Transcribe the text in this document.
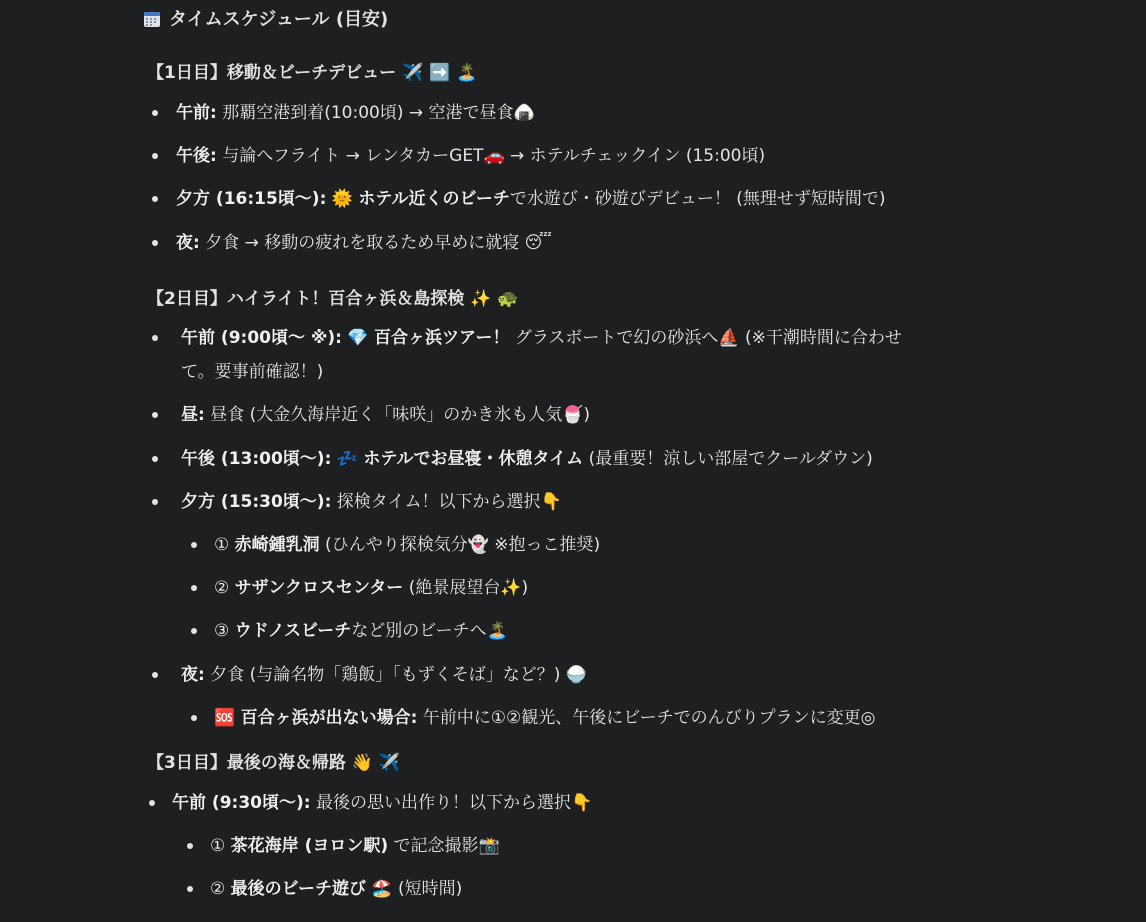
タイムスケジュール (目安)
【1日目】移動＆ビーチデビュー ✈️ ➡️ 🏝️
午前: 那覇空港到着(10:00頃) → 空港で昼食🍙
午後: 与論へフライト → レンタカーGET🚗 → ホテルチェックイン (15:00頃)
夕方 (16:15頃〜): 🌞 ホテル近くのビーチで水遊び・砂遊びデビュー！ (無理せず短時間で)
夜: 夕食 → 移動の疲れを取るため早めに就寝 😴
【2日目】ハイライト！百合ヶ浜＆島探検 ✨ 🐢
午前 (9:00頃〜 ※): 💎 百合ヶ浜ツアー！ グラスボートで幻の砂浜へ⛵ (※干潮時間に合わせ
て。要事前確認！)
昼: 昼食 (大金久海岸近く「味咲」のかき氷も人気🍧)
午後 (13:00頃〜): 💤 ホテルでお昼寝・休憩タイム (最重要！涼しい部屋でクールダウン)
夕方 (15:30頃〜): 探検タイム！以下から選択👇
① 赤崎鍾乳洞 (ひんやり探検気分👻 ※抱っこ推奨)
② サザンクロスセンター (絶景展望台✨)
③ ウドノスビーチなど別のビーチへ🏝️
夜: 夕食 (与論名物「鶏飯」「もずくそば」など？) 🍚
🆘 百合ヶ浜が出ない場合: 午前中に①②観光、午後にビーチでのんびりプランに変更◎
【3日目】最後の海＆帰路 👋 ✈️
午前 (9:30頃〜): 最後の思い出作り！以下から選択👇
① 茶花海岸 (ヨロン駅) で記念撮影📸
② 最後のビーチ遊び 🏖️ (短時間)
